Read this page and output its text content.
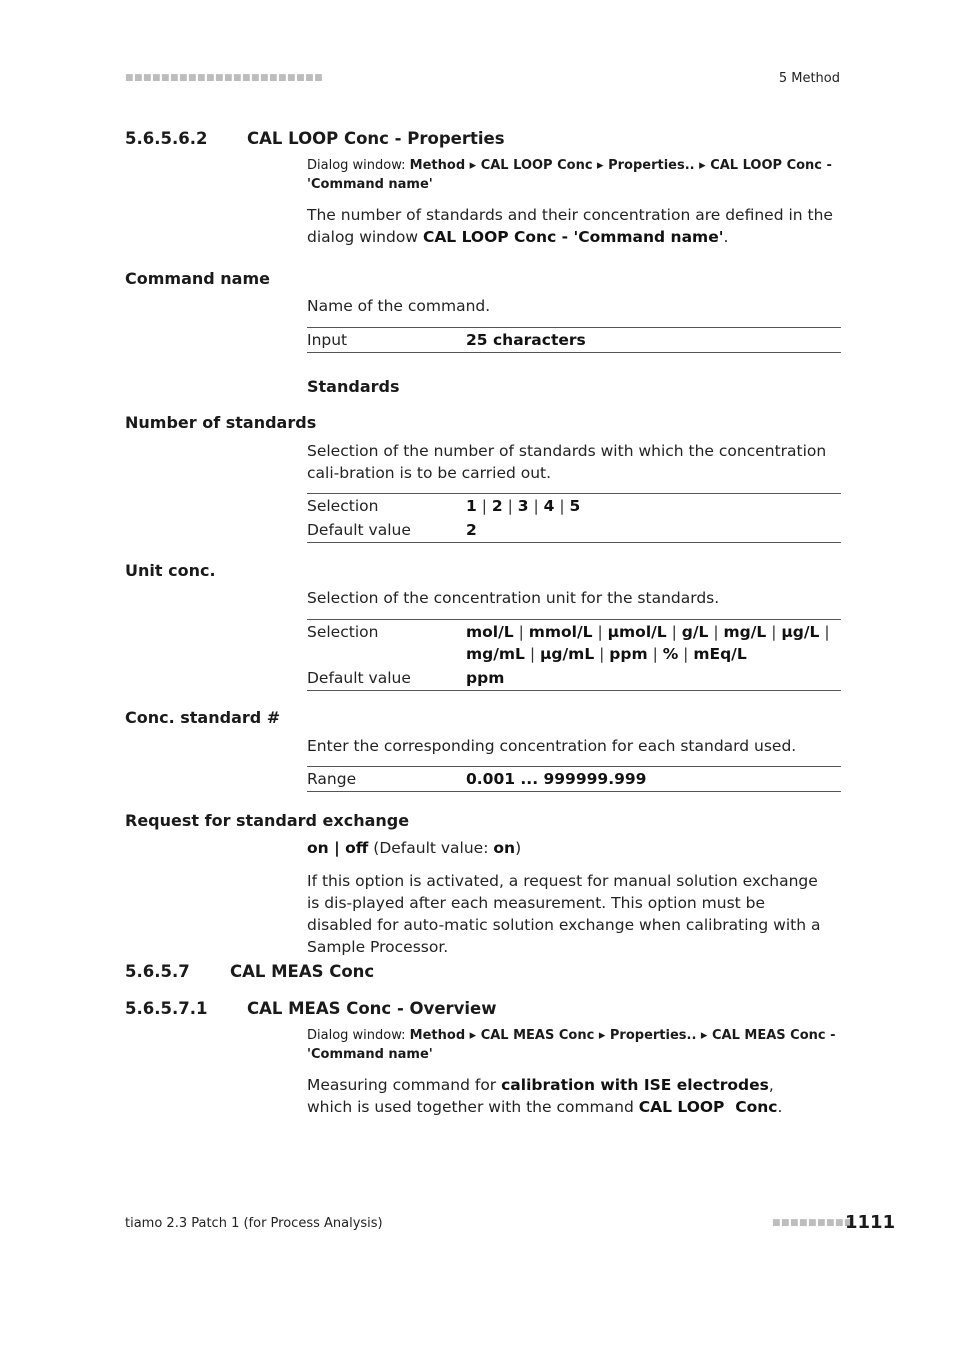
■■■■■■■■■■■■■■■■■■■■■■	5 Method
5.6.5.6.2 CAL LOOP Conc - Properties
Dialog window: Method ▸ CAL LOOP Conc ▸ Properties.. ▸ CAL LOOP Conc - 'Command name'
The number of standards and their concentration are defined in the dialog window CAL LOOP Conc - 'Command name'.
Command name
Name of the command.
Input	25 characters
Standards
Number of standards
Selection of the number of standards with which the concentration cali-bration is to be carried out.
Selection	1 | 2 | 3 | 4 | 5
Default value	2
Unit conc.
Selection of the concentration unit for the standards.
Selection	mol/L | mmol/L | µmol/L | g/L | mg/L | µg/L |
mg/mL | µg/mL | ppm | % | mEq/L
Default value	ppm
Conc. standard #
Enter the corresponding concentration for each standard used.
Range	0.001 ... 999999.999
Request for standard exchange
on | off (Default value: on)
If this option is activated, a request for manual solution exchange is dis-played after each measurement. This option must be disabled for auto-matic solution exchange when calibrating with a Sample Processor.
5.6.5.7 CAL MEAS Conc
5.6.5.7.1 CAL MEAS Conc - Overview
Dialog window: Method ▸ CAL MEAS Conc ▸ Properties.. ▸ CAL MEAS Conc - 'Command name'
Measuring command for calibration with ISE electrodes, which is used together with the command CAL LOOP  Conc.
tiamo 2.3 Patch 1 (for Process Analysis)	■■■■■■■■■
1111
